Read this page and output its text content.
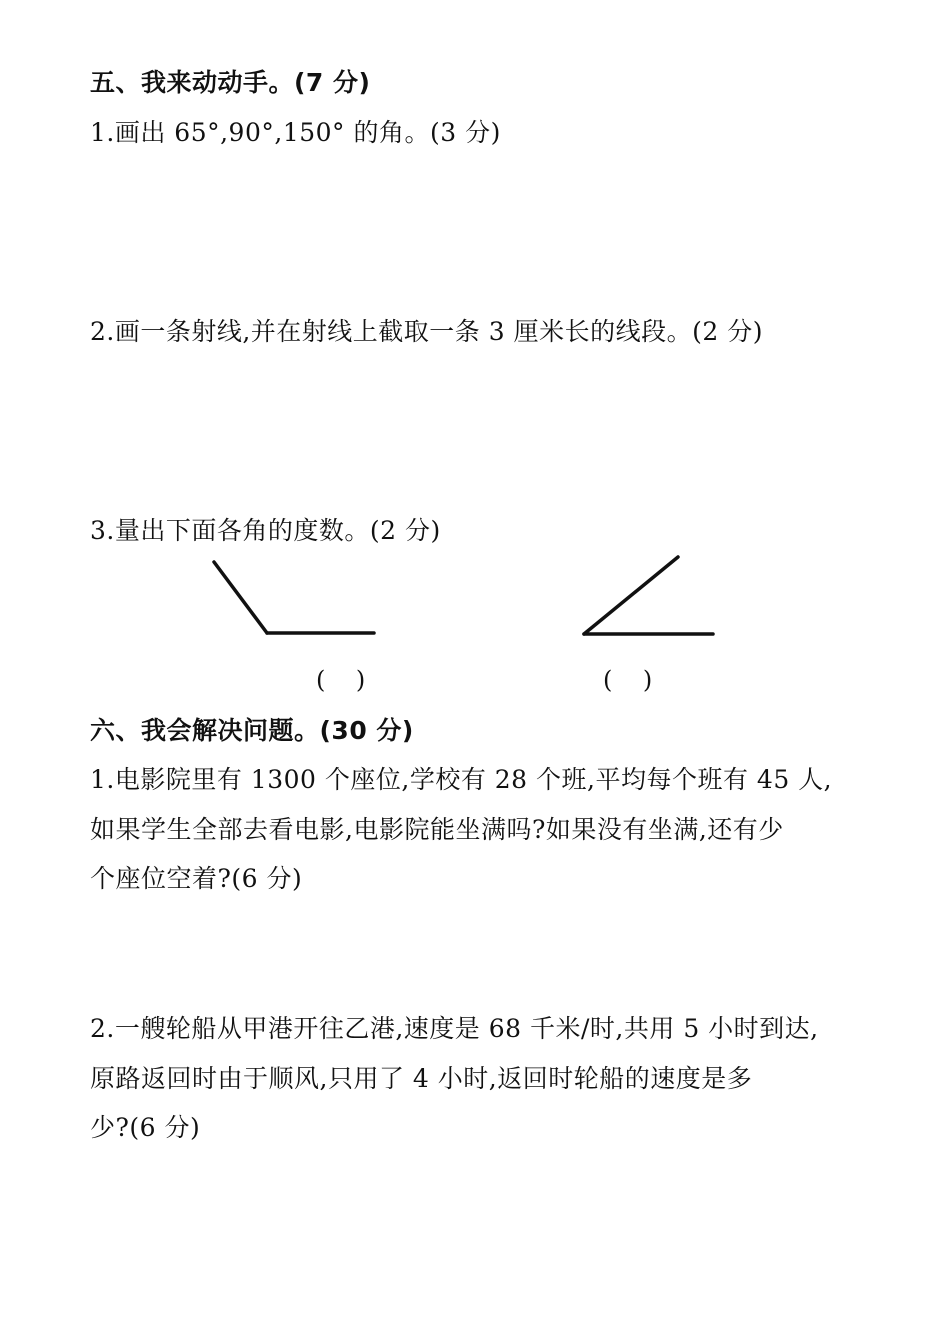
五、我来动动手。(7 分)
1.画出 65°,90°,150° 的角。(3 分)
2.画一条射线,并在射线上截取一条 3 厘米长的线段。(2 分)
3.量出下面各角的度数。(2 分)
(    )	(    )
六、我会解决问题。(30 分)
1.电影院里有 1300 个座位,学校有 28 个班,平均每个班有 45 人,
如果学生全部去看电影,电影院能坐满吗?如果没有坐满,还有少
个座位空着?(6 分)
2.一艘轮船从甲港开往乙港,速度是 68 千米/时,共用 5 小时到达,
原路返回时由于顺风,只用了 4 小时,返回时轮船的速度是多
少?(6 分)
